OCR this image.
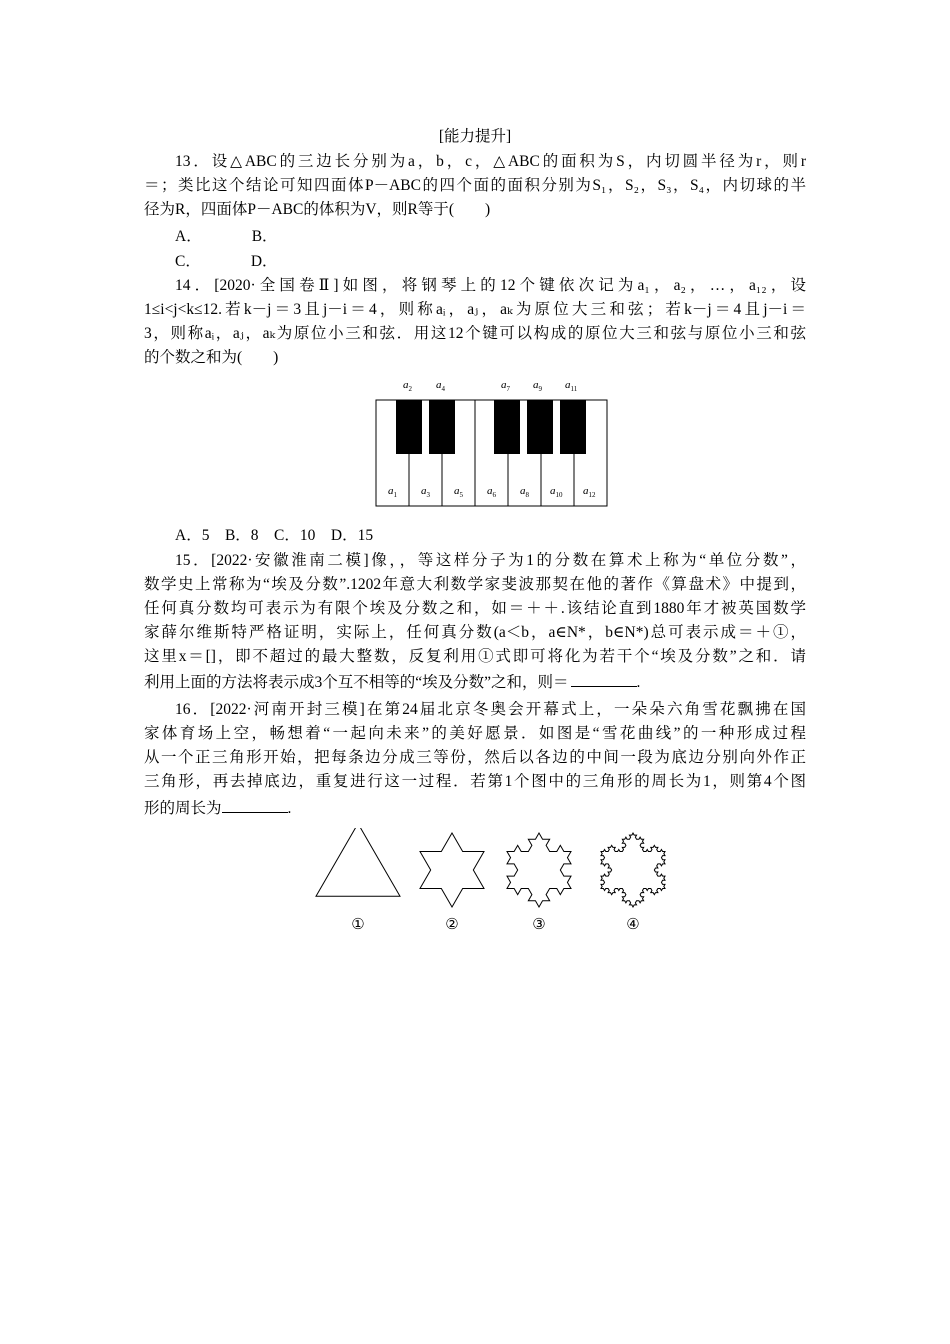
[能力提升]
13．设△ABC的三边长分别为a，b，c，△ABC的面积为S，内切圆半径为r，则r
＝；类比这个结论可知四面体P－ABC的四个面的面积分别为S₁，S₂，S₃，S₄，内切球的半
径为R，四面体P－ABC的体积为V，则R等于(　　)
A．	B．
C．	D．
14．[2020·全国卷Ⅱ]如图，将钢琴上的12个键依次记为a₁，a₂，…，a₁₂，设
1≤i<j<k≤12.若k－j＝3且j－i＝4，则称aᵢ，aⱼ，aₖ为原位大三和弦；若k－j＝4且j－i＝
3，则称aᵢ，aⱼ，aₖ为原位小三和弦．用这12个键可以构成的原位大三和弦与原位小三和弦
的个数之和为(　　)
$a_2$ $a_4$	$a_7$ $a_9$ $a_{11}$
$a_1$ $a_3$ $a_5$ $a_6$ $a_8$ $a_{10}$ $a_{12}$
A．5　B．8　C．10　D．15
15．[2022·安徽淮南二模]像，，等这样分子为1的分数在算术上称为“单位分数”，
数学史上常称为“埃及分数”.1202年意大利数学家斐波那契在他的著作《算盘术》中提到，
任何真分数均可表示为有限个埃及分数之和，如＝＋＋.该结论直到1880年才被英国数学
家薛尔维斯特严格证明，实际上，任何真分数(a＜b，a∈N*，b∈N*)总可表示成＝＋①，
这里x＝[]，即不超过的最大整数，反复利用①式即可将化为若干个“埃及分数”之和．请
利用上面的方法将表示成3个互不相等的“埃及分数”之和，则＝	.
16．[2022·河南开封三模]在第24届北京冬奥会开幕式上，一朵朵六角雪花飘拂在国
家体育场上空，畅想着“一起向未来”的美好愿景．如图是“雪花曲线”的一种形成过程
从一个正三角形开始，把每条边分成三等份，然后以各边的中间一段为底边分别向外作正
三角形，再去掉底边，重复进行这一过程．若第1个图中的三角形的周长为1，则第4个图
形的周长为	.
①	②	③	④
